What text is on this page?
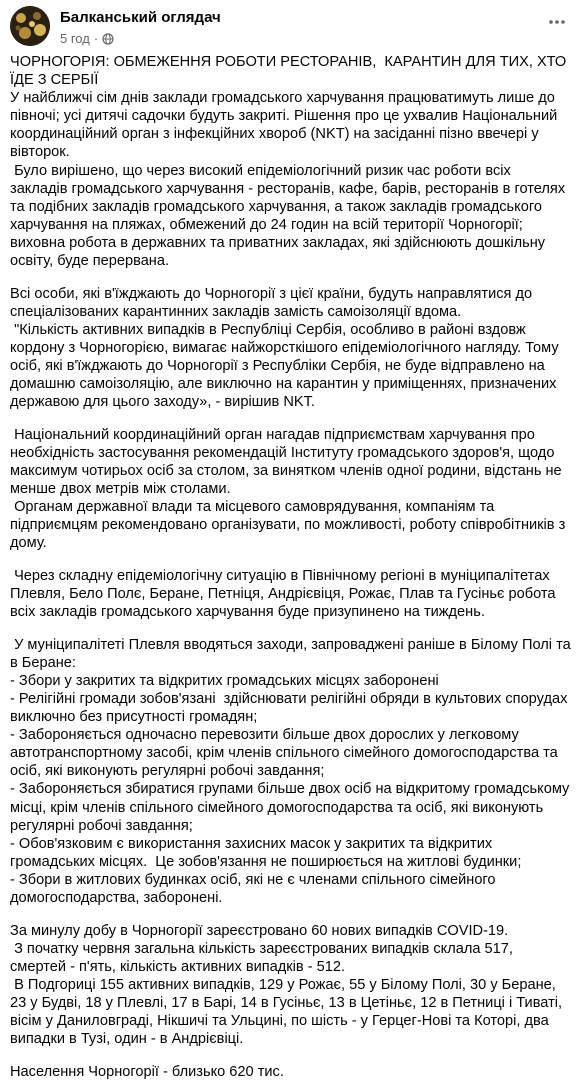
Балканський оглядач
5 год ·

ЧОРНОГОРІЯ: ОБМЕЖЕННЯ РОБОТИ РЕСТОРАНІВ,  КАРАНТИН ДЛЯ ТИХ, ХТО ЇДЕ З СЕРБІЇ
У найближчі сім днів заклади громадського харчування працюватимуть лише до півночі; усі дитячі садочки будуть закриті. Рішення про це ухвалив Національний координаційний орган з інфекційних хвороб (NKT) на засіданні пізно ввечері у вівторок.
Було вирішено, що через високий епідеміологічний ризик час роботи всіх закладів громадського харчування - ресторанів, кафе, барів, ресторанів в готелях та подібних закладів громадського харчування, а також закладів громадського харчування на пляжах, обмежений до 24 годин на всій території Чорногорії; виховна робота в державних та приватних закладах, які здійснюють дошкільну освіту, буде перервана.

Всі особи, які в'їжджають до Чорногорії з цієї країни, будуть направлятися до спеціалізованих карантинних закладів замість самоізоляції вдома.
"Кількість активних випадків в Республіці Сербія, особливо в районі вздовж кордону з Чорногорією, вимагає найжорсткішого епідеміологічного нагляду. Тому осіб, які в'їжджають до Чорногорії з Республіки Сербія, не буде відправлено на домашню самоізоляцію, але виключно на карантин у приміщеннях, призначених державою для цього заходу», - вирішив NKT.

Національний координаційний орган нагадав підприємствам харчування про необхідність застосування рекомендацій Інституту громадського здоров'я, щодо максимум чотирьох осіб за столом, за винятком членів одної родини, відстань не менше двох метрів між столами.
Органам державної влади та місцевого самоврядування, компаніям та підприємцям рекомендовано організувати, по можливості, роботу співробітників з дому.

Через складну епідеміологічну ситуацію в Північному регіоні в муніципалітетах Плевля, Бело Полє, Беране, Петніця, Андрієвіця, Рожає, Плав та Гусіньє робота всіх закладів громадського харчування буде призупинено на тиждень.

У муніципалітеті Плевля вводяться заходи, запроваджені раніше в Білому Полі та в Беране:
- Збори у закритих та відкритих громадських місцях заборонені
- Релігійні громади зобов'язані  здійснювати релігійні обряди в культових спорудах виключно без присутності громадян;
- Забороняється одночасно перевозити більше двох дорослих у легковому автотранспортному засобі, крім членів спільного сімейного домогосподарства та осіб, які виконують регулярні робочі завдання;
- Забороняється збиратися групами більше двох осіб на відкритому громадському місці, крім членів спільного сімейного домогосподарства та осіб, які виконують регулярні робочі завдання;
- Обов'язковим є використання захисних масок у закритих та відкритих громадських місцях.  Це зобов'язання не поширюється на житлові будинки;
- Збори в житлових будинках осіб, які не є членами спільного сімейного домогосподарства, заборонені.

За минулу добу в Чорногорії зареєстровано 60 нових випадків COVID-19.
З початку червня загальна кількість зареєстрованих випадків склала 517, смертей - п'ять, кількість активних випадків - 512.
В Подгориці 155 активних випадків, 129 у Рожає, 55 у Білому Полі, 30 у Беране, 23 у Будві, 18 у Плевлі, 17 в Барі, 14 в Гусіньє, 13 в Цетіньє, 12 в Петниці і Тиваті, вісім у Даниловграді, Нікшичі та Ульцині, по шість - у Герцег-Нові та Которі, два випадки в Тузі, один - в Андрієвіці.

Населення Чорногорії - близько 620 тис.
